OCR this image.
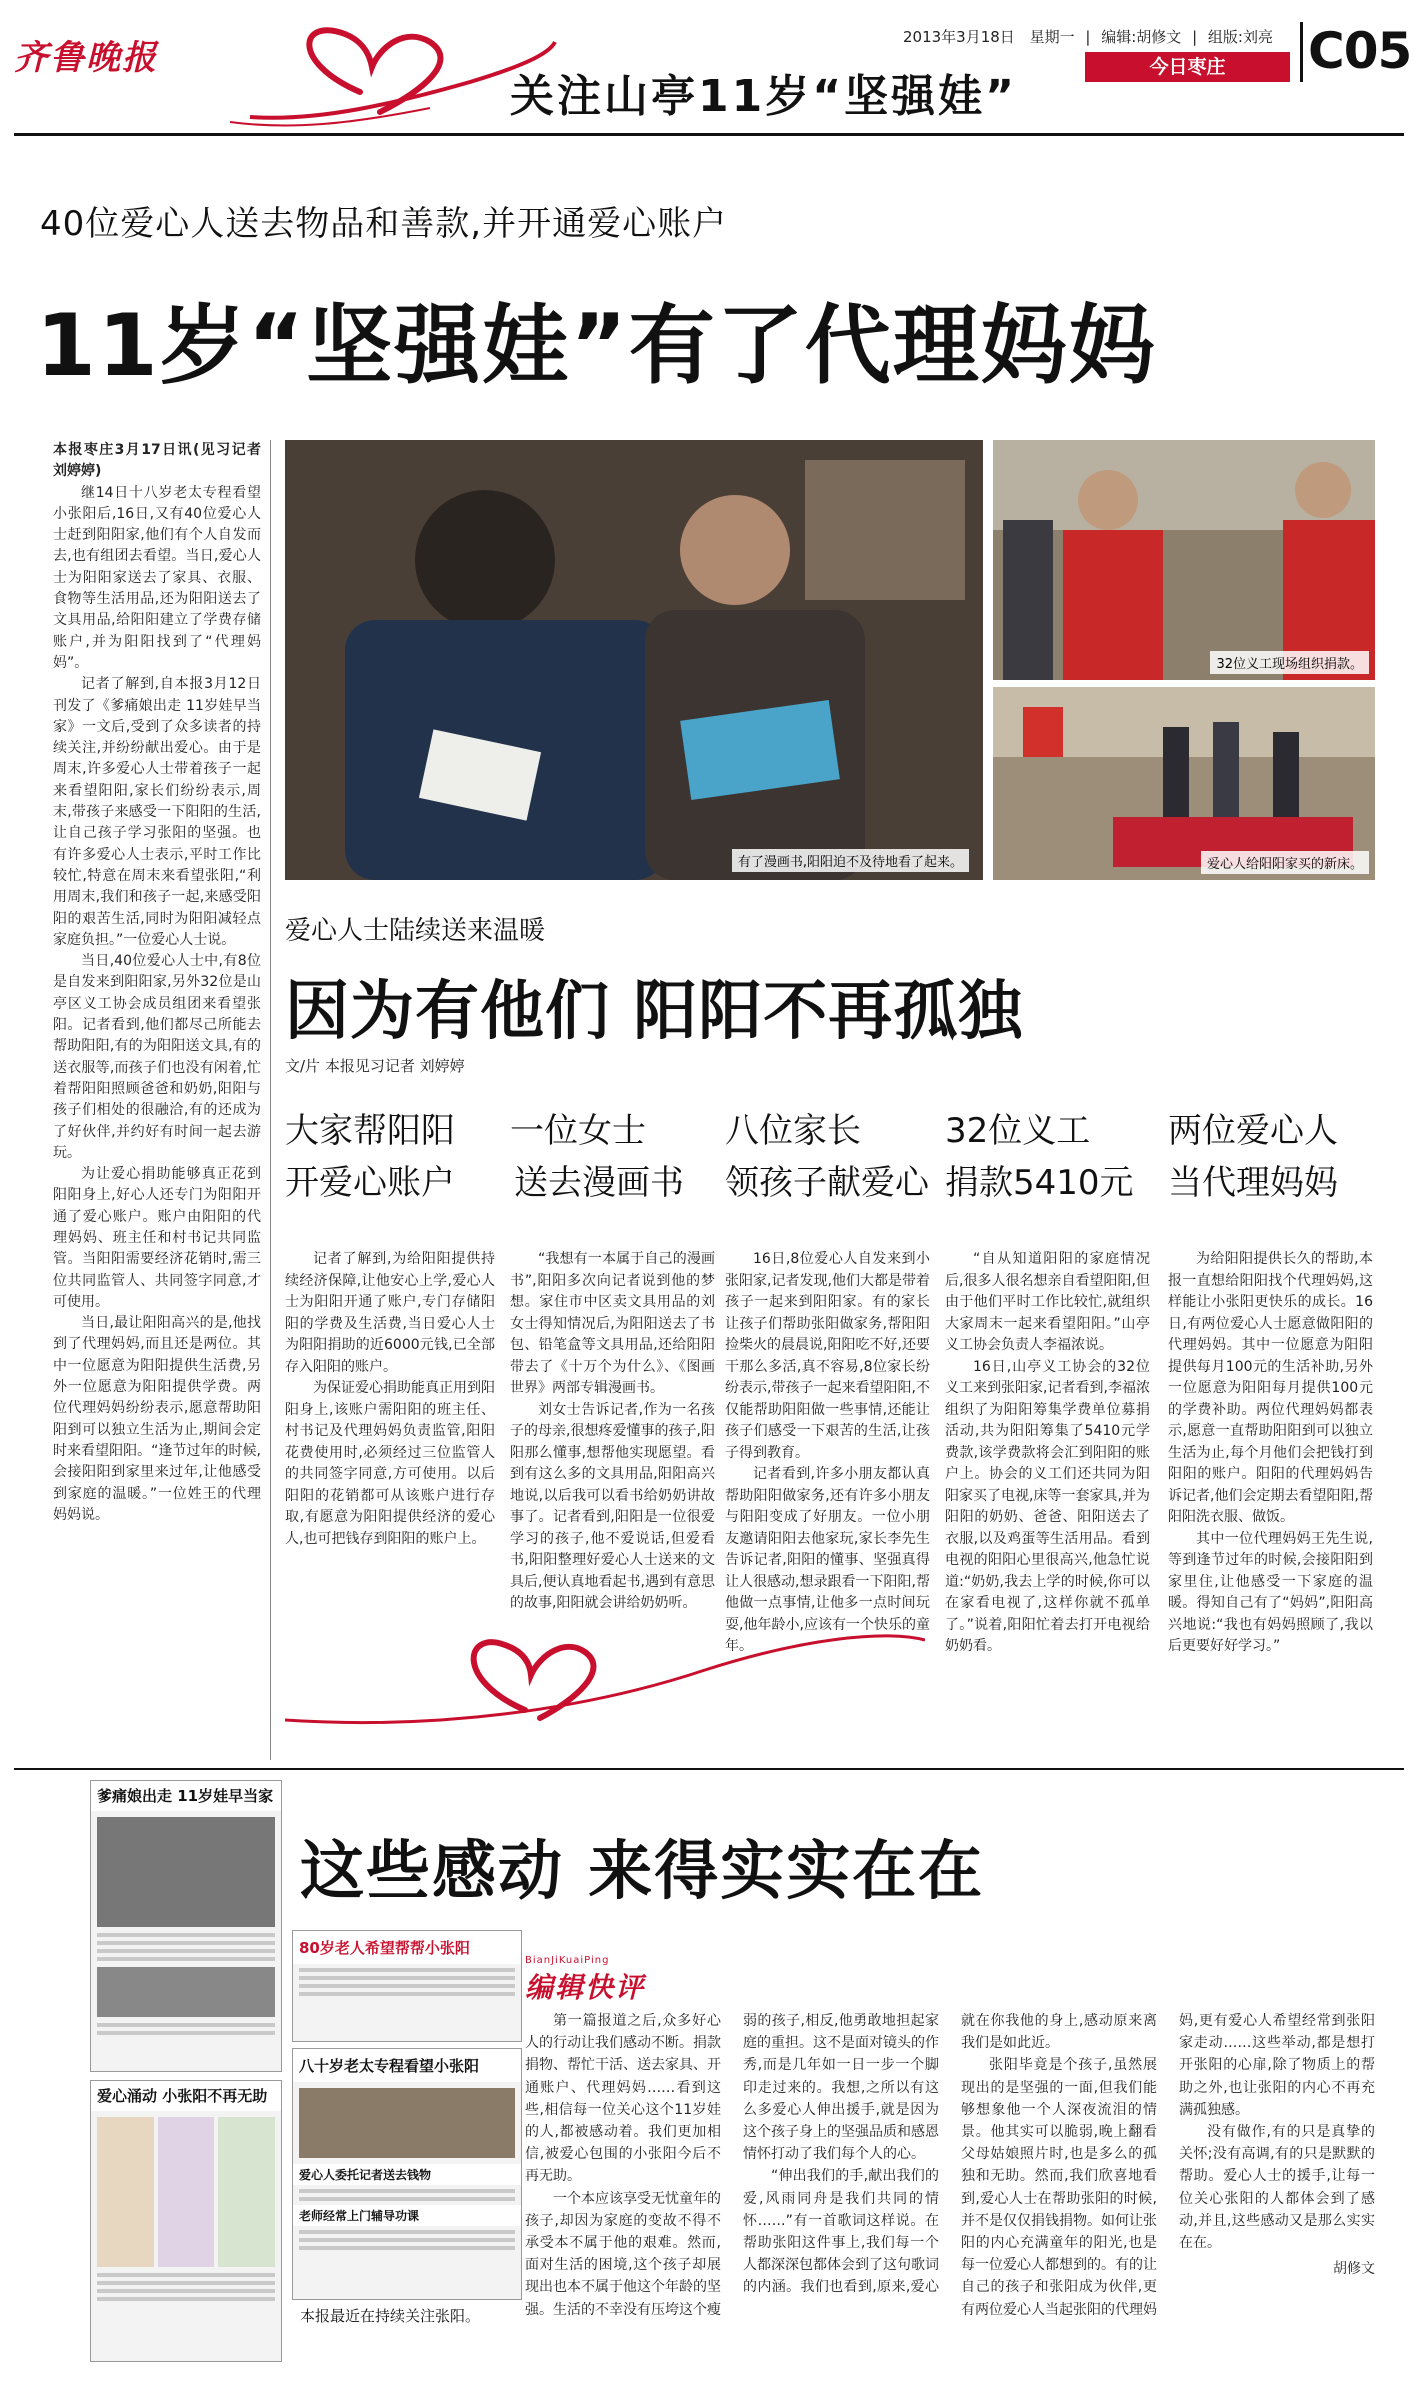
齐鲁晚报
关注山亭11岁“坚强娃”
2013年3月18日 星期一 | 编辑:胡修文 | 组版:刘亮
今日枣庄	C05
40位爱心人送去物品和善款,并开通爱心账户
11岁“坚强娃”有了代理妈妈

本报枣庄3月17日讯(见习记者 刘婷婷)

继14日十八岁老太专程看望小张阳后,16日,又有40位爱心人士赶到阳阳家,他们有个人自发而去,也有组团去看望。当日,爱心人士为阳阳家送去了家具、衣服、食物等生活用品,还为阳阳送去了文具用品,给阳阳建立了学费存储账户,并为阳阳找到了“代理妈妈”。

记者了解到,自本报3月12日刊发了《爹痛娘出走 11岁娃早当家》一文后,受到了众多读者的持续关注,并纷纷献出爱心。由于是周末,许多爱心人士带着孩子一起来看望阳阳,家长们纷纷表示,周末,带孩子来感受一下阳阳的生活,让自己孩子学习张阳的坚强。也有许多爱心人士表示,平时工作比较忙,特意在周末来看望张阳,“利用周末,我们和孩子一起,来感受阳阳的艰苦生活,同时为阳阳减轻点家庭负担。”一位爱心人士说。

当日,40位爱心人士中,有8位是自发来到阳阳家,另外32位是山亭区义工协会成员组团来看望张阳。记者看到,他们都尽己所能去帮助阳阳,有的为阳阳送文具,有的送衣服等,而孩子们也没有闲着,忙着帮阳阳照顾爸爸和奶奶,阳阳与孩子们相处的很融洽,有的还成为了好伙伴,并约好有时间一起去游玩。

为让爱心捐助能够真正花到阳阳身上,好心人还专门为阳阳开通了爱心账户。账户由阳阳的代理妈妈、班主任和村书记共同监管。当阳阳需要经济花销时,需三位共同监管人、共同签字同意,才可使用。

当日,最让阳阳高兴的是,他找到了代理妈妈,而且还是两位。其中一位愿意为阳阳提供生活费,另外一位愿意为阳阳提供学费。两位代理妈妈纷纷表示,愿意帮助阳阳到可以独立生活为止,期间会定时来看望阳阳。“逢节过年的时候,会接阳阳到家里来过年,让他感受到家庭的温暖。”一位姓王的代理妈妈说。

有了漫画书,阳阳迫不及待地看了起来。
32位义工现场组织捐款。
爱心人给阳阳家买的新床。
爱心人士陆续送来温暖
因为有他们 阳阳不再孤独
文/片 本报见习记者 刘婷婷
大家帮阳阳
开爱心账户

记者了解到,为给阳阳提供持续经济保障,让他安心上学,爱心人士为阳阳开通了账户,专门存储阳阳的学费及生活费,当日爱心人士为阳阳捐助的近6000元钱,已全部存入阳阳的账户。

为保证爱心捐助能真正用到阳阳身上,该账户需阳阳的班主任、村书记及代理妈妈负责监管,阳阳花费使用时,必须经过三位监管人的共同签字同意,方可使用。以后阳阳的花销都可从该账户进行存取,有愿意为阳阳提供经济的爱心人,也可把钱存到阳阳的账户上。

一位女士
送去漫画书

“我想有一本属于自己的漫画书”,阳阳多次向记者说到他的梦想。家住市中区卖文具用品的刘女士得知情况后,为阳阳送去了书包、铅笔盒等文具用品,还给阳阳带去了《十万个为什么》、《图画世界》两部专辑漫画书。

刘女士告诉记者,作为一名孩子的母亲,很想疼爱懂事的孩子,阳阳那么懂事,想帮他实现愿望。看到有这么多的文具用品,阳阳高兴地说,以后我可以看书给奶奶讲故事了。记者看到,阳阳是一位很爱学习的孩子,他不爱说话,但爱看书,阳阳整理好爱心人士送来的文具后,便认真地看起书,遇到有意思的故事,阳阳就会讲给奶奶听。

八位家长
领孩子献爱心

16日,8位爱心人自发来到小张阳家,记者发现,他们大都是带着孩子一起来到阳阳家。有的家长让孩子们帮助张阳做家务,帮阳阳捡柴火的晨晨说,阳阳吃不好,还要干那么多活,真不容易,8位家长纷纷表示,带孩子一起来看望阳阳,不仅能帮助阳阳做一些事情,还能让孩子们感受一下艰苦的生活,让孩子得到教育。

记者看到,许多小朋友都认真帮助阳阳做家务,还有许多小朋友与阳阳变成了好朋友。一位小朋友邀请阳阳去他家玩,家长李先生告诉记者,阳阳的懂事、坚强真得让人很感动,想录跟看一下阳阳,帮他做一点事情,让他多一点时间玩耍,他年龄小,应该有一个快乐的童年。

32位义工
捐款5410元

“自从知道阳阳的家庭情况后,很多人很名想亲自看望阳阳,但由于他们平时工作比较忙,就组织大家周末一起来看望阳阳。”山亭义工协会负责人李福浓说。

16日,山亭义工协会的32位义工来到张阳家,记者看到,李福浓组织了为阳阳筹集学费单位募捐活动,共为阳阳筹集了5410元学费款,该学费款将会汇到阳阳的账户上。协会的义工们还共同为阳阳家买了电视,床等一套家具,并为阳阳的奶奶、爸爸、阳阳送去了衣服,以及鸡蛋等生活用品。看到电视的阳阳心里很高兴,他急忙说道:“奶奶,我去上学的时候,你可以在家看电视了,这样你就不孤单了。”说着,阳阳忙着去打开电视给奶奶看。

两位爱心人
当代理妈妈

为给阳阳提供长久的帮助,本报一直想给阳阳找个代理妈妈,这样能让小张阳更快乐的成长。16日,有两位爱心人士愿意做阳阳的代理妈妈。其中一位愿意为阳阳提供每月100元的生活补助,另外一位愿意为阳阳每月提供100元的学费补助。两位代理妈妈都表示,愿意一直帮助阳阳到可以独立生活为止,每个月他们会把钱打到阳阳的账户。阳阳的代理妈妈告诉记者,他们会定期去看望阳阳,帮阳阳洗衣服、做饭。

其中一位代理妈妈王先生说,等到逢节过年的时候,会接阳阳到家里住,让他感受一下家庭的温暖。得知自己有了“妈妈”,阳阳高兴地说:“我也有妈妈照顾了,我以后更要好好学习。”

爹痛娘出走 11岁娃早当家
爱心涌动 小张阳不再无助
这些感动 来得实实在在
80岁老人希望帮帮小张阳
八十岁老太专程看望小张阳
爱心人委托记者送去钱物
老师经常上门辅导功课
本报最近在持续关注张阳。
BianJiKuaiPing
编辑快评

第一篇报道之后,众多好心人的行动让我们感动不断。捐款捐物、帮忙干活、送去家具、开通账户、代理妈妈……看到这些,相信每一位关心这个11岁娃的人,都被感动着。我们更加相信,被爱心包围的小张阳今后不再无助。

一个本应该享受无忧童年的孩子,却因为家庭的变故不得不承受本不属于他的艰难。然而,面对生活的困境,这个孩子却展现出也本不属于他这个年龄的坚强。生活的不幸没有压垮这个瘦弱的孩子,相反,他勇敢地担起家庭的重担。这不是面对镜头的作秀,而是几年如一日一步一个脚印走过来的。我想,之所以有这么多爱心人伸出援手,就是因为这个孩子身上的坚强品质和感恩情怀打动了我们每个人的心。

“伸出我们的手,献出我们的爱,风雨同舟是我们共同的情怀……”有一首歌词这样说。在帮助张阳这件事上,我们每一个人都深深包都体会到了这句歌词的内涵。我们也看到,原来,爱心就在你我他的身上,感动原来离我们是如此近。

张阳毕竟是个孩子,虽然展现出的是坚强的一面,但我们能够想象他一个人深夜流泪的情景。他其实可以脆弱,晚上翻看父母姑娘照片时,也是多么的孤独和无助。然而,我们欣喜地看到,爱心人士在帮助张阳的时候,并不是仅仅捐钱捐物。如何让张阳的内心充满童年的阳光,也是每一位爱心人都想到的。有的让自己的孩子和张阳成为伙伴,更有两位爱心人当起张阳的代理妈妈,更有爱心人希望经常到张阳家走动……这些举动,都是想打开张阳的心扉,除了物质上的帮助之外,也让张阳的内心不再充满孤独感。

没有做作,有的只是真挚的关怀;没有高调,有的只是默默的帮助。爱心人士的援手,让每一位关心张阳的人都体会到了感动,并且,这些感动又是那么实实在在。

胡修文
